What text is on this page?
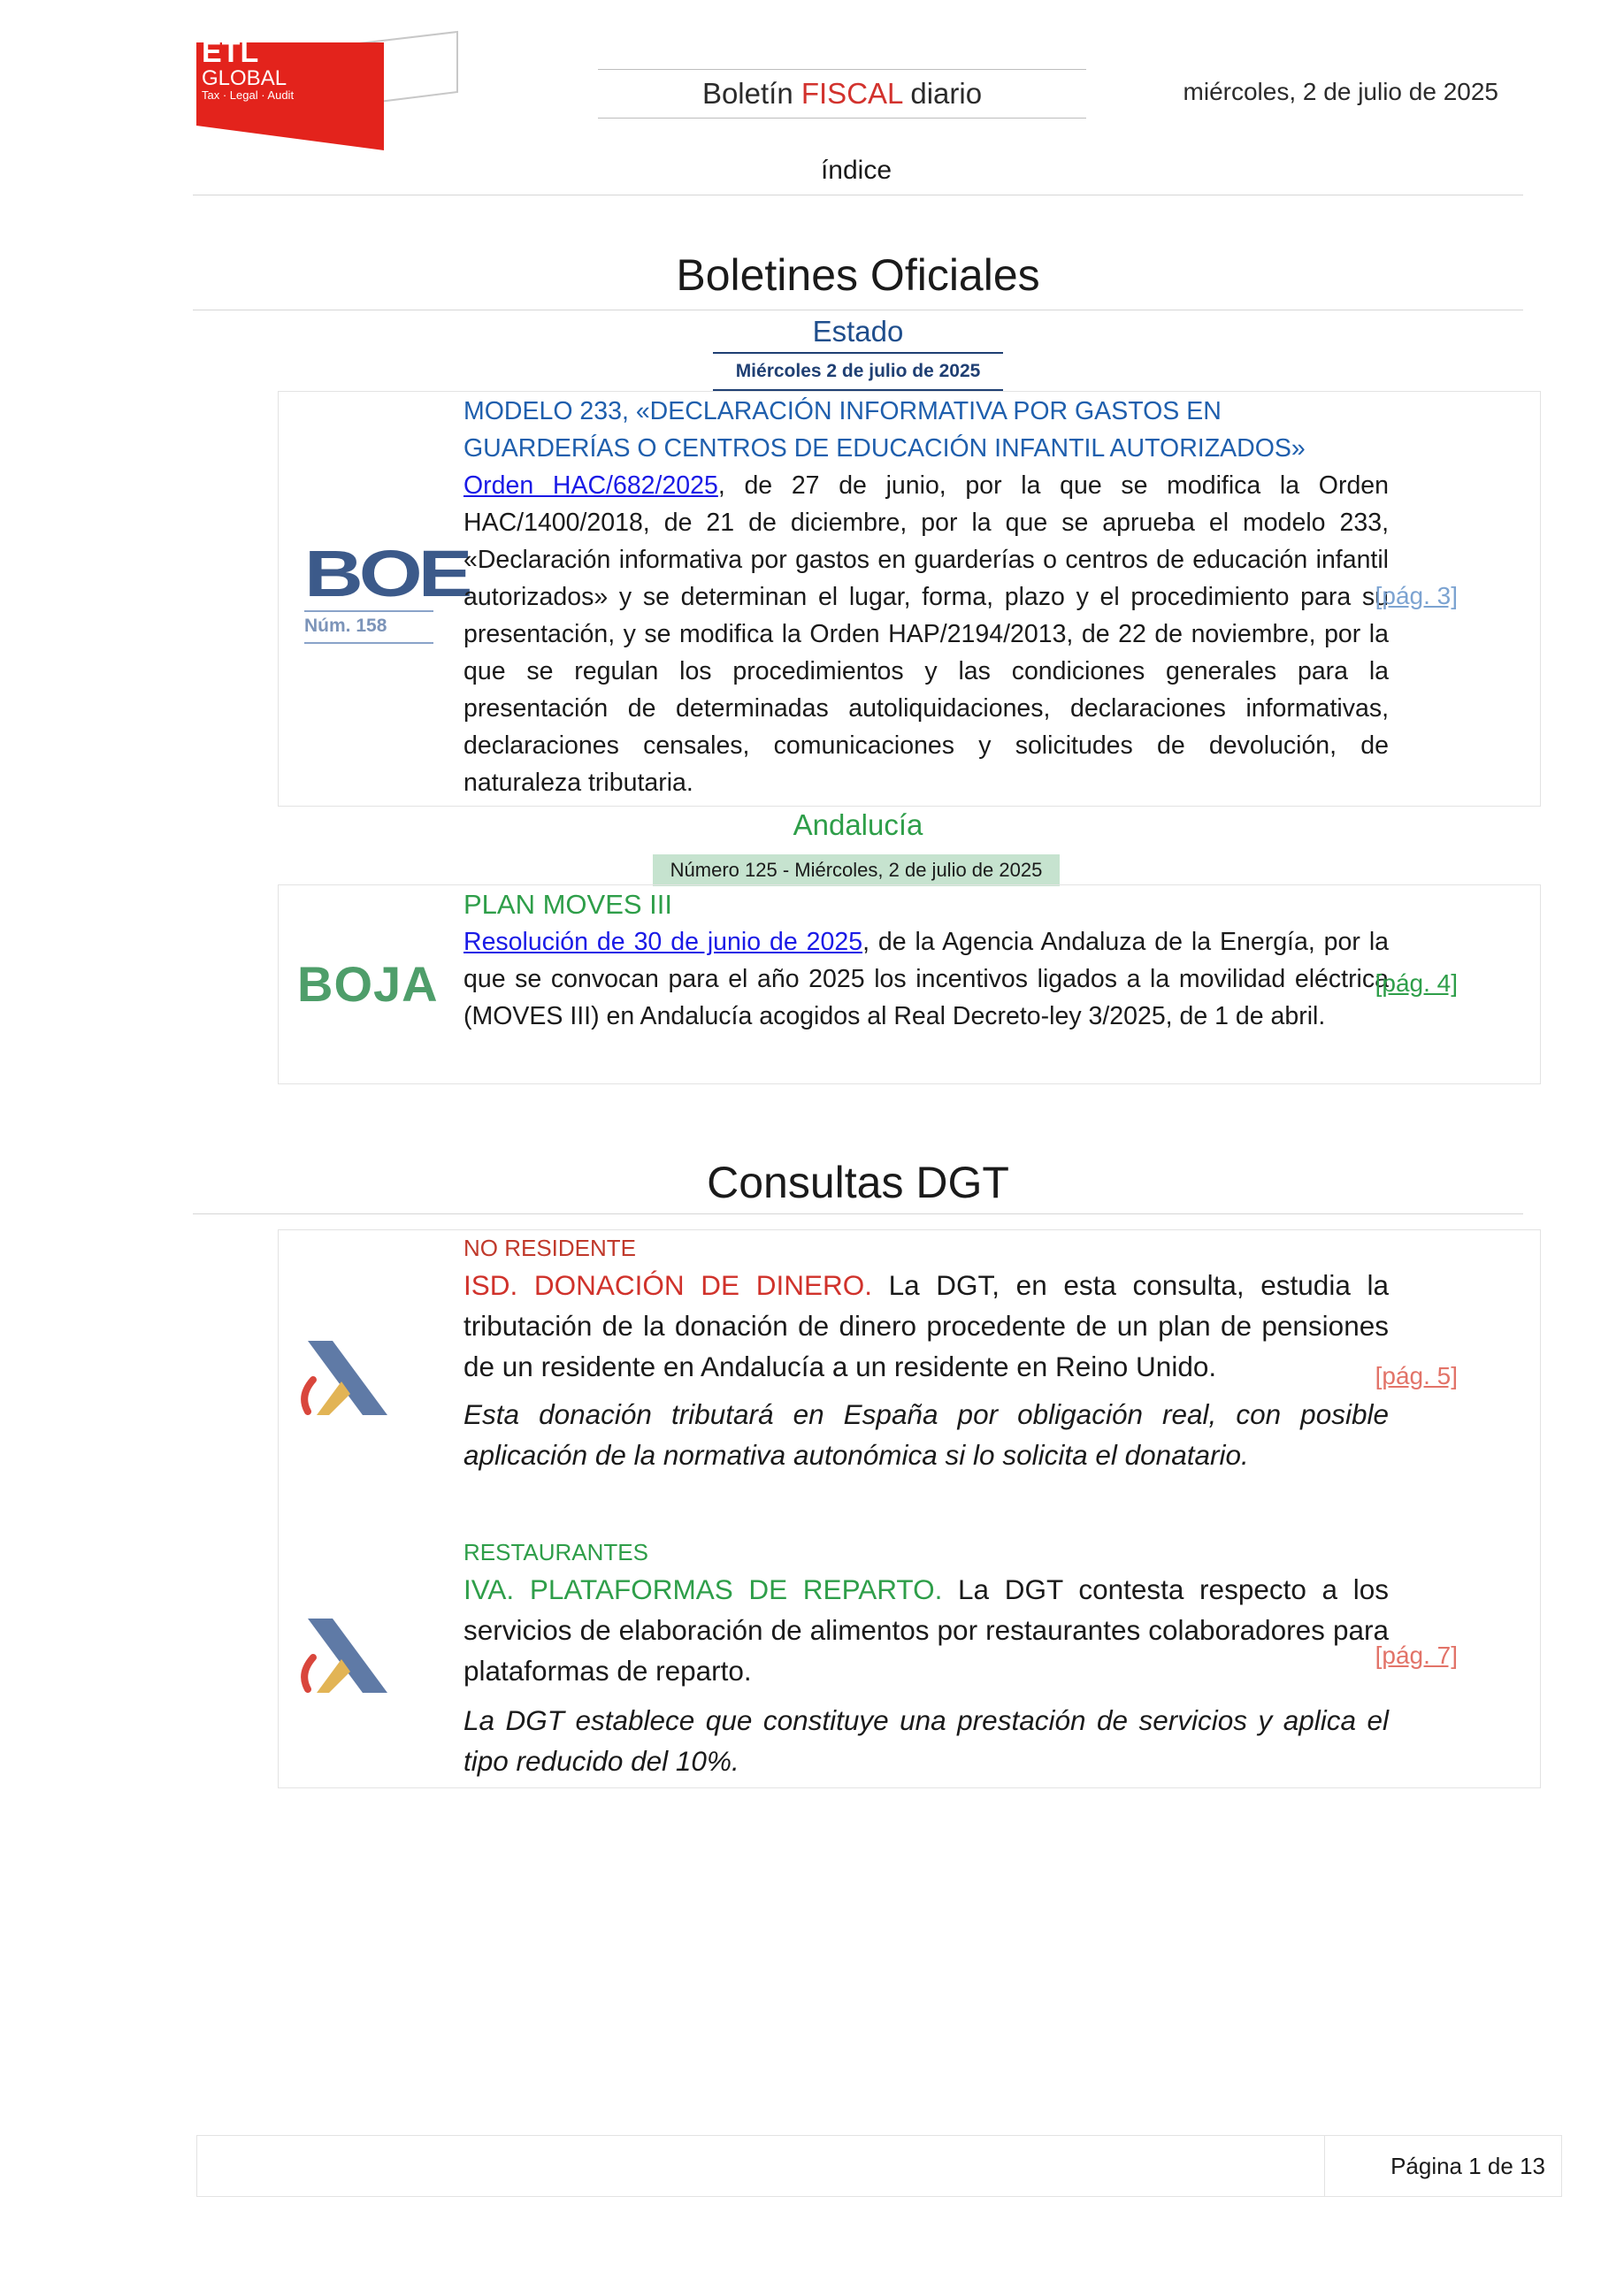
ETL
GLOBAL
Tax · Legal · Audit	Boletín FISCAL diario	miércoles, 2 de julio de 2025
índice
Boletines Oficiales
Estado
Miércoles 2 de julio de 2025
BOE
Núm. 158

MODELO 233, «DECLARACIÓN INFORMATIVA POR GASTOS EN GUARDERÍAS O CENTROS DE EDUCACIÓN INFANTIL AUTORIZADOS»

Orden HAC/682/2025, de 27 de junio, por la que se modifica la Orden HAC/1400/2018, de 21 de diciembre, por la que se aprueba el modelo 233, «Declaración informativa por gastos en guarderías o centros de educación infantil autorizados» y se determinan el lugar, forma, plazo y el procedimiento para su presentación, y se modifica la Orden HAP/2194/2013, de 22 de noviembre, por la que se regulan los procedimientos y las condiciones generales para la presentación de determinadas autoliquidaciones, declaraciones informativas, declaraciones censales, comunicaciones y solicitudes de devolución, de naturaleza tributaria.

[pág. 3]
Andalucía
Número 125 - Miércoles, 2 de julio de 2025
BOJA

PLAN MOVES III

Resolución de 30 de junio de 2025, de la Agencia Andaluza de la Energía, por la que se convocan para el año 2025 los incentivos ligados a la movilidad eléctrica (MOVES III) en Andalucía acogidos al Real Decreto-ley 3/2025, de 1 de abril.

[pág. 4]
Consultas DGT

NO RESIDENTE

ISD. DONACIÓN DE DINERO. La DGT, en esta consulta, estudia la tributación de la donación de dinero procedente de un plan de pensiones de un residente en Andalucía a un residente en Reino Unido.

Esta donación tributará en España por obligación real, con posible aplicación de la normativa autonómica si lo solicita el donatario.

[pág. 5]

RESTAURANTES

IVA. PLATAFORMAS DE REPARTO. La DGT contesta respecto a los servicios de elaboración de alimentos por restaurantes colaboradores para plataformas de reparto.

La DGT establece que constituye una prestación de servicios y aplica el tipo reducido del 10%.

[pág. 7]
Página 1 de 13
